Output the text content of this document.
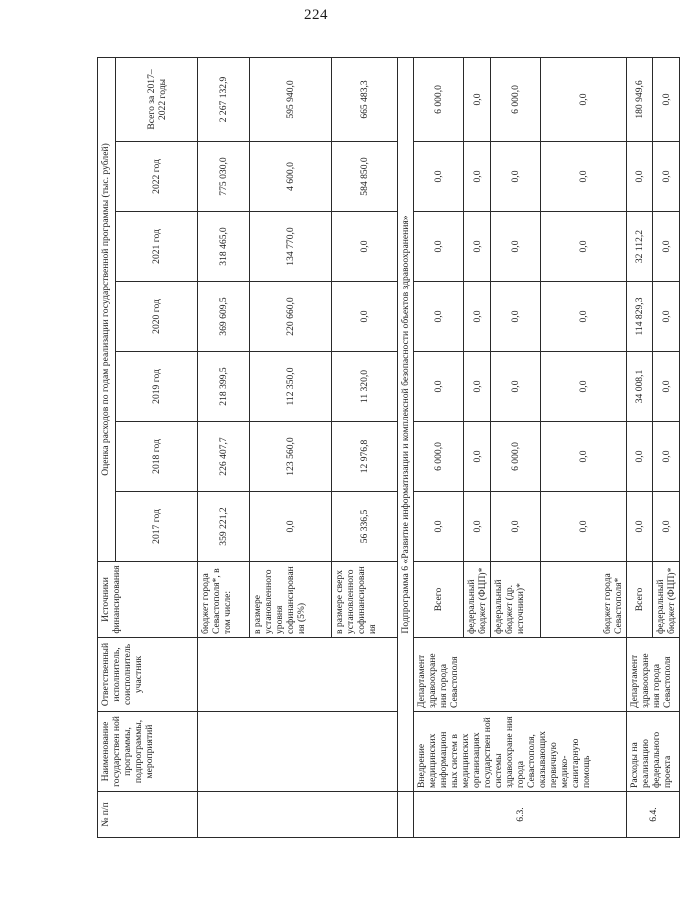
224
№ п/п	Наименование государствен ной программы, подпрограммы, мероприятий	Ответственный исполнитель, соисполнитель участник	Источники финансирования	Оценка расходов по годам реализации государственной программы (тыс. рублей)						
				2017 год	2018 год	2019 год	2020 год	2021 год	2022 год	Всего за 2017–2022 годы
			бюджет города Севастополя*, в том числе:	359 221,2	226 407,7	218 399,5	369 609,5	318 465,0	775 030,0	2 267 132,9
			в размере установленного уровня софинансирован ия (5%)	0,0	123 560,0	112 350,0	220 660,0	134 770,0	4 600,0	595 940,0
			в размере сверх установленного софинансирован ия	56 336,5	12 976,8	11 320,0	0,0	0,0	584 850,0	665 483,3
	Подпрограмма 6 «Развитие информатизации и комплексной безопасности объектов здравоохранения»									
6.3.	Внедрение медицинских информацион ных систем в медицинских организациях государствен ной системы здравоохране ния города Севастополя, оказывающих первичную медико-санитарную помощь	Департамент здравоохране ния города Севастополя	Всего	0,0	6 000,0	0,0	0,0	0,0	0,0	6 000,0
			федеральный бюджет (ФЦП)*	0,0	0,0	0,0	0,0	0,0	0,0	0,0
			федеральный бюджет (др. источники)*	0,0	6 000,0	0,0	0,0	0,0	0,0	6 000,0
			бюджет города Севастополя*	0,0	0,0	0,0	0,0	0,0	0,0	0,0
6.4.	Расходы на реализацию федерального проекта	Департамент здравоохране ния города Севастополя	Всего	0,0	0,0	34 008,1	114 829,3	32 112,2	0,0	180 949,6
			федеральный бюджет (ФЦП)*	0,0	0,0	0,0	0,0	0,0	0,0	0,0
